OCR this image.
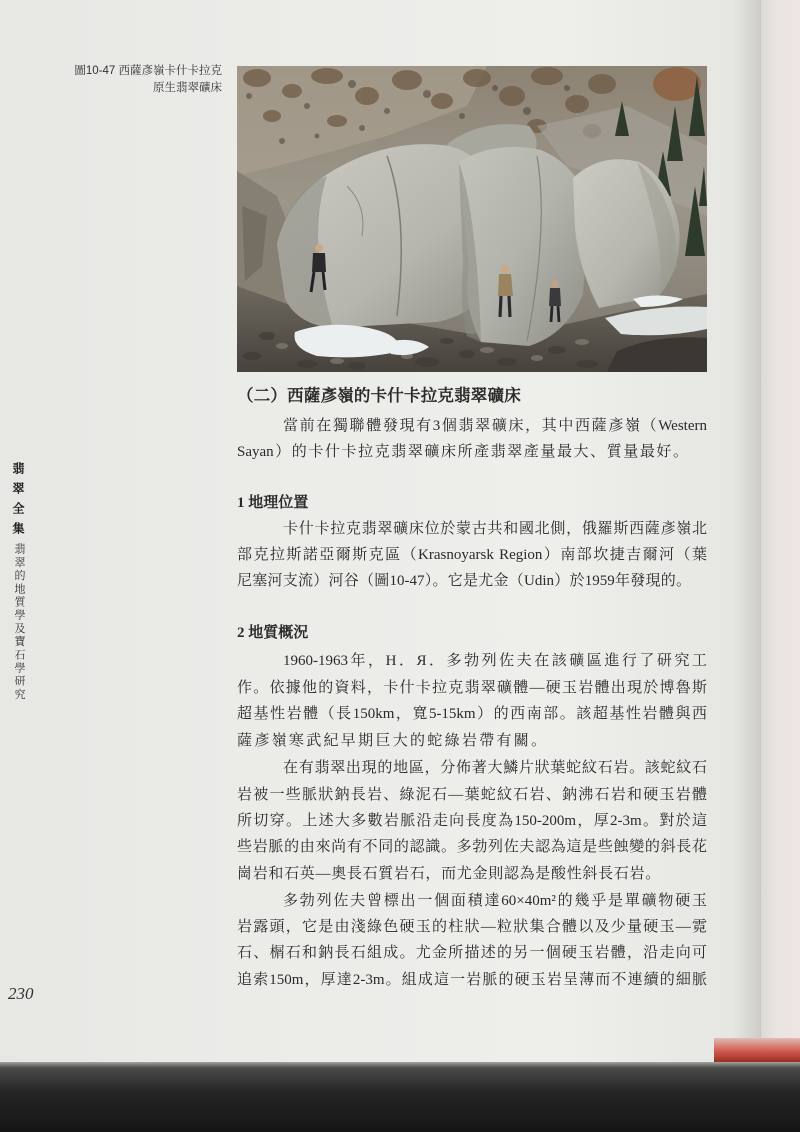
圖10-47 西薩彥嶺卡什卡拉克
原生翡翠礦床
翡翠全集
翡翠的地質學及寶石學研究
230
（二）西薩彥嶺的卡什卡拉克翡翠礦床
當前在獨聯體發現有3個翡翠礦床，其中西薩彥嶺（Western
Sayan）的卡什卡拉克翡翠礦床所產翡翠產量最大、質量最好。
1 地理位置
卡什卡拉克翡翠礦床位於蒙古共和國北側，俄羅斯西薩彥嶺北
部克拉斯諾亞爾斯克區（Krasnoyarsk Region）南部坎捷吉爾河（葉
尼塞河支流）河谷（圖10-47）。它是尤金（Udin）於1959年發現的。
2 地質概況
1960-1963年，H．Я．多勃列佐夫在該礦區進行了研究工
作。依據他的資料，卡什卡拉克翡翠礦體—硬玉岩體出現於博魯斯
超基性岩體（長150km，寬5-15km）的西南部。該超基性岩體與西
薩彥嶺寒武紀早期巨大的蛇綠岩帶有關。
在有翡翠出現的地區，分佈著大鱗片狀葉蛇紋石岩。該蛇紋石
岩被一些脈狀鈉長岩、綠泥石—葉蛇紋石岩、鈉沸石岩和硬玉岩體
所切穿。上述大多數岩脈沿走向長度為150-200m，厚2-3m。對於這
些岩脈的由來尚有不同的認識。多勃列佐夫認為這是些蝕變的斜長花
崗岩和石英—奧長石質岩石，而尤金則認為是酸性斜長石岩。
多勃列佐夫曾標出一個面積達60×40m²的幾乎是單礦物硬玉
岩露頭，它是由淺綠色硬玉的柱狀—粒狀集合體以及少量硬玉—霓
石、榍石和鈉長石組成。尤金所描述的另一個硬玉岩體，沿走向可
追索150m，厚達2-3m。組成這一岩脈的硬玉岩呈薄而不連續的細脈
